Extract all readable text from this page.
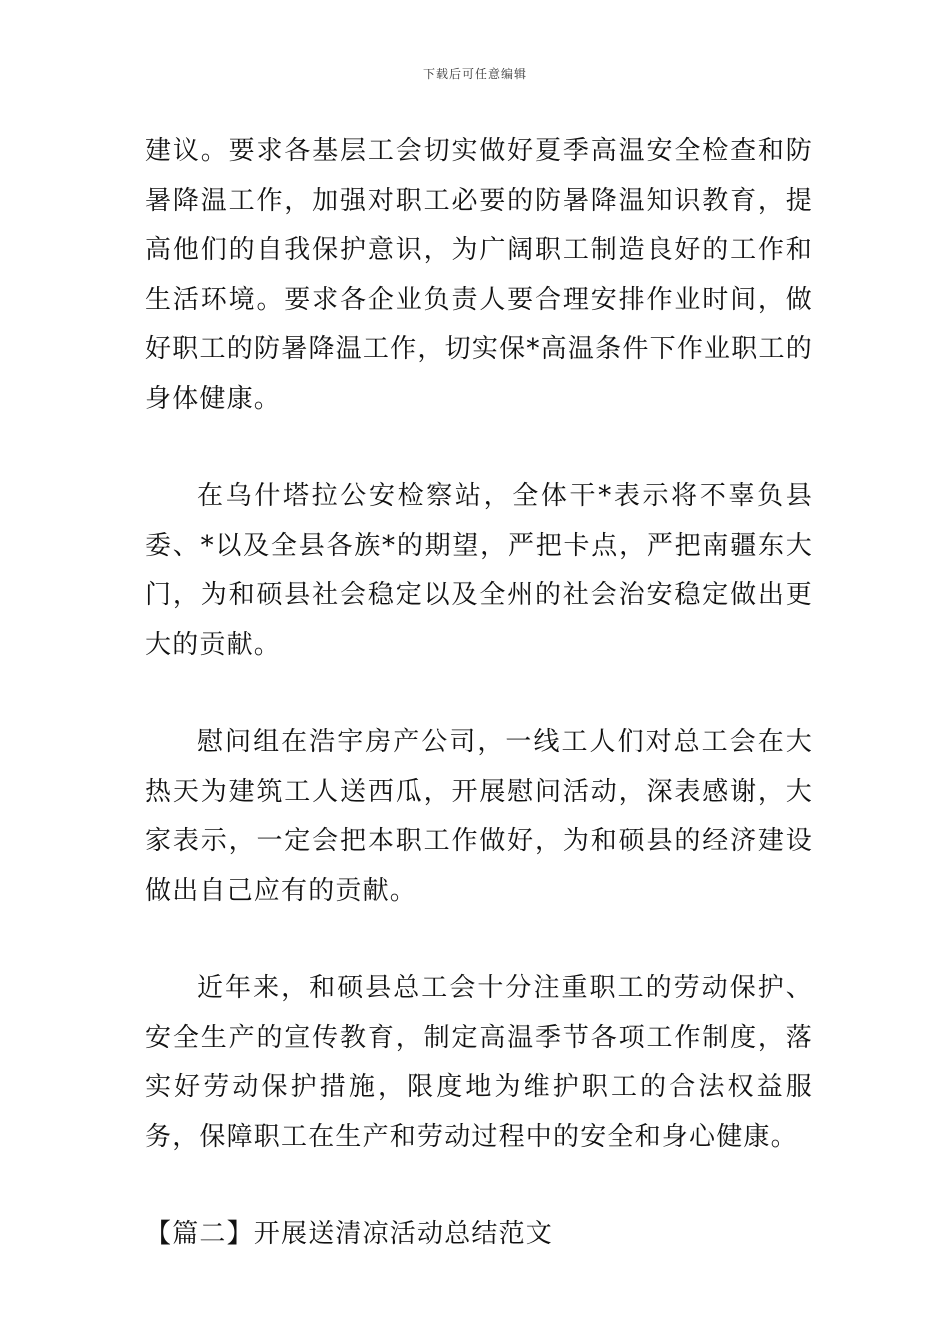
下载后可任意编辑

建议。要求各基层工会切实做好夏季高温安全检查和防暑降温工作，加强对职工必要的防暑降温知识教育，提高他们的自我保护意识，为广阔职工制造良好的工作和生活环境。要求各企业负责人要合理安排作业时间，做好职工的防暑降温工作，切实保*高温条件下作业职工的身体健康。

在乌什塔拉公安检察站，全体干*表示将不辜负县委、*以及全县各族*的期望，严把卡点，严把南疆东大门，为和硕县社会稳定以及全州的社会治安稳定做出更大的贡献。

慰问组在浩宇房产公司，一线工人们对总工会在大热天为建筑工人送西瓜，开展慰问活动，深表感谢，大家表示，一定会把本职工作做好，为和硕县的经济建设做出自己应有的贡献。

近年来，和硕县总工会十分注重职工的劳动保护、安全生产的宣传教育，制定高温季节各项工作制度，落实好劳动保护措施，限度地为维护职工的合法权益服务，保障职工在生产和劳动过程中的安全和身心健康。

【篇二】开展送清凉活动总结范文
